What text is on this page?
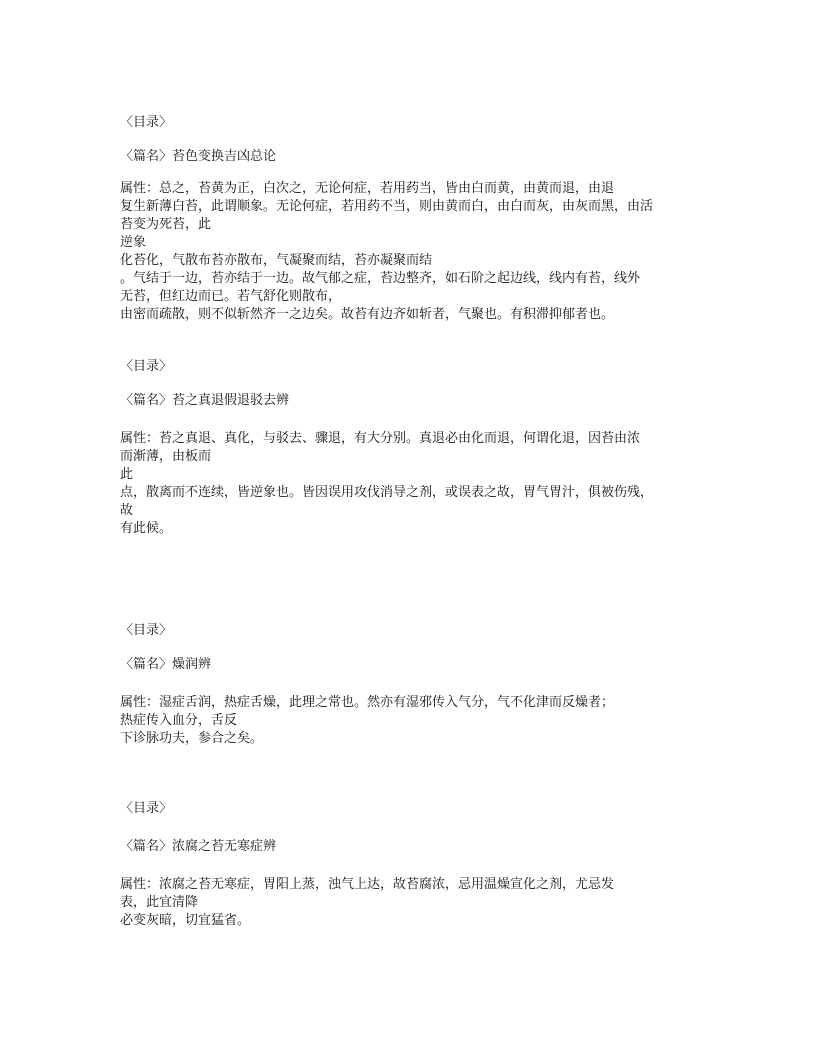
〈目录〉
〈篇名〉苔色变换吉凶总论
属性：总之，苔黄为正，白次之，无论何症，若用药当，皆由白而黄，由黄而退，由退
复生新薄白苔，此谓顺象。无论何症，若用药不当，则由黄而白，由白而灰，由灰而黑，由活
苔变为死苔，此
逆象
化苔化，气散布苔亦散布，气凝聚而结，苔亦凝聚而结
。气结于一边，苔亦结于一边。故气郁之症，苔边整齐，如石阶之起边线，线内有苔，线外
无苔，但红边而已。若气舒化则散布，
由密而疏散，则不似斩然齐一之边矣。故苔有边齐如斩者，气聚也。有积滞抑郁者也。
〈目录〉
〈篇名〉苔之真退假退驳去辨
属性：苔之真退、真化，与驳去、骤退，有大分别。真退必由化而退，何谓化退，因苔由浓
而渐薄，由板而
此
点，散离而不连续，皆逆象也。皆因误用攻伐消导之剂，或误表之故，胃气胃汁，俱被伤残，
故
有此候。
〈目录〉
〈篇名〉燥润辨
属性：湿症舌润，热症舌燥，此理之常也。然亦有湿邪传入气分，气不化津而反燥者；
热症传入血分，舌反
下诊脉功夫，参合之矣。
〈目录〉
〈篇名〉浓腐之苔无寒症辨
属性：浓腐之苔无寒症，胃阳上蒸，浊气上达，故苔腐浓，忌用温燥宣化之剂，尤忌发
表，此宜清降
必变灰暗，切宜猛省。
